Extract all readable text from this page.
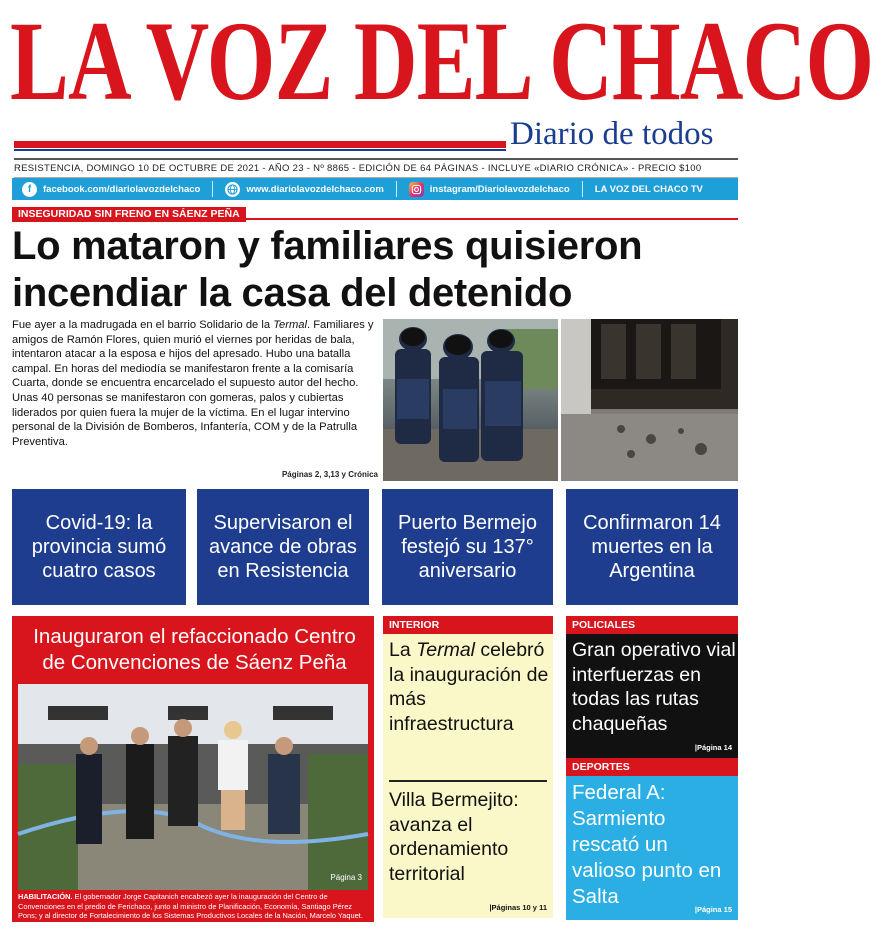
LA VOZ DEL CHACO
Diario de todos
RESISTENCIA, DOMINGO 10 DE OCTUBRE DE 2021 - AÑO 23 - Nº 8865 - EDICIÓN DE 64 PÁGINAS - INCLUYE «DIARIO CRÓNICA» - PRECIO $100
f	facebook.com/diariolavozdelchaco	www.diariolavozdelchaco.com	instagram/Diariolavozdelchaco	LA VOZ DEL CHACO TV
INSEGURIDAD SIN FRENO EN SÁENZ PEÑA
Lo mataron y familiares quisieron incendiar la casa del detenido
Fue ayer a la madrugada en el barrio Solidario de la Termal. Familiares y amigos de Ramón Flores, quien murió el viernes por heridas de bala, intentaron atacar a la esposa e hijos del apresado. Hubo una batalla campal. En horas del mediodía se manifestaron frente a la comisaría Cuarta, donde se encuentra encarcelado el supuesto autor del hecho. Unas 40 personas se manifestaron con gomeras, palos y cubiertas liderados por quien fuera la mujer de la víctima. En el lugar intervino personal de la División de Bomberos, Infantería, COM y de la Patrulla Preventiva.
Páginas 2, 3,13 y Crónica
Covid-19: la provincia sumó cuatro casos
Supervisaron el avance de obras en Resistencia
Puerto Bermejo festejó su 137° aniversario
Confirmaron 14 muertes en la Argentina
Inauguraron el refaccionado Centro de Convenciones de Sáenz Peña
Página 3
HABILITACIÓN. El gobernador Jorge Capitanich encabezó ayer la inauguración del Centro de Convenciones en el predio de Ferichaco, junto al ministro de Planificación, Economía, Santiago Pérez Pons; y al director de Fortalecimiento de los Sistemas Productivos Locales de la Nación, Marcelo Yaquet.
INTERIOR
La Termal celebró la inauguración de más infraestructura
Villa Bermejito: avanza el ordenamiento territorial
|Páginas 10 y 11
POLICIALES
Gran operativo vial interfuerzas en todas las rutas chaqueñas
|Página 14
DEPORTES
Federal A: Sarmiento rescató un valioso punto en Salta
|Página 15
